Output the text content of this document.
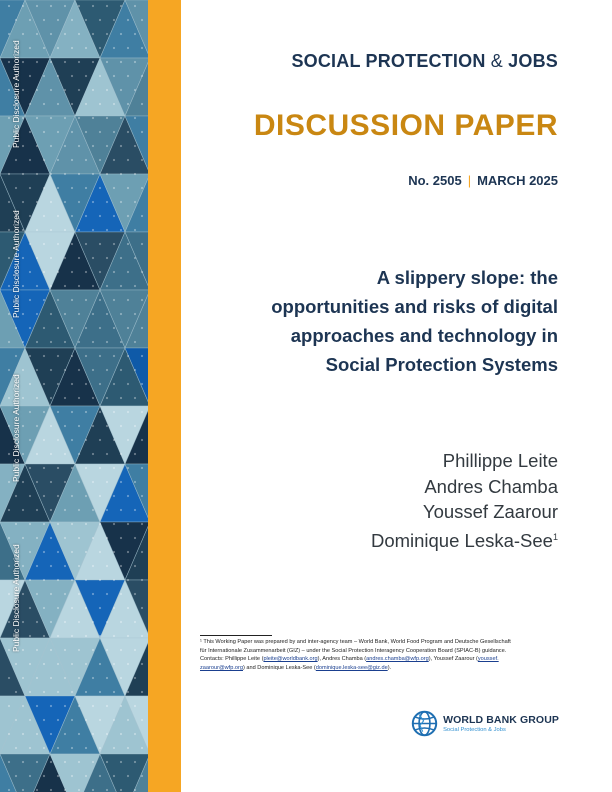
Public Disclosure Authorized
Public Disclosure Authorized
Public Disclosure Authorized
Public Disclosure Authorized
SOCIAL PROTECTION & JOBS
DISCUSSION PAPER
No. 2505 | MARCH 2025
A slippery slope: the
opportunities and risks of digital
approaches and technology in
Social Protection Systems
Phillippe Leite
Andres Chamba
Youssef Zaarour
Dominique Leska-See$^1$
¹ This Working Paper was prepared by and inter-agency team – World Bank, World Food Program and Deutsche Gesellschaft
für Internationale Zusammenarbeit (GIZ) – under the Social Protection Interagency Cooperation Board (SPIAC-B) guidance.
Contacts: Phillippe Leite (pleite@worldbank.org), Andres Chamba (andres.chamba@wfp.org), Youssef Zaarour (youssef.
zaarour@wfp.org) and Dominique Leska-See (dominique.leska-see@giz.de).
WORLD BANK GROUP
Social Protection & Jobs
